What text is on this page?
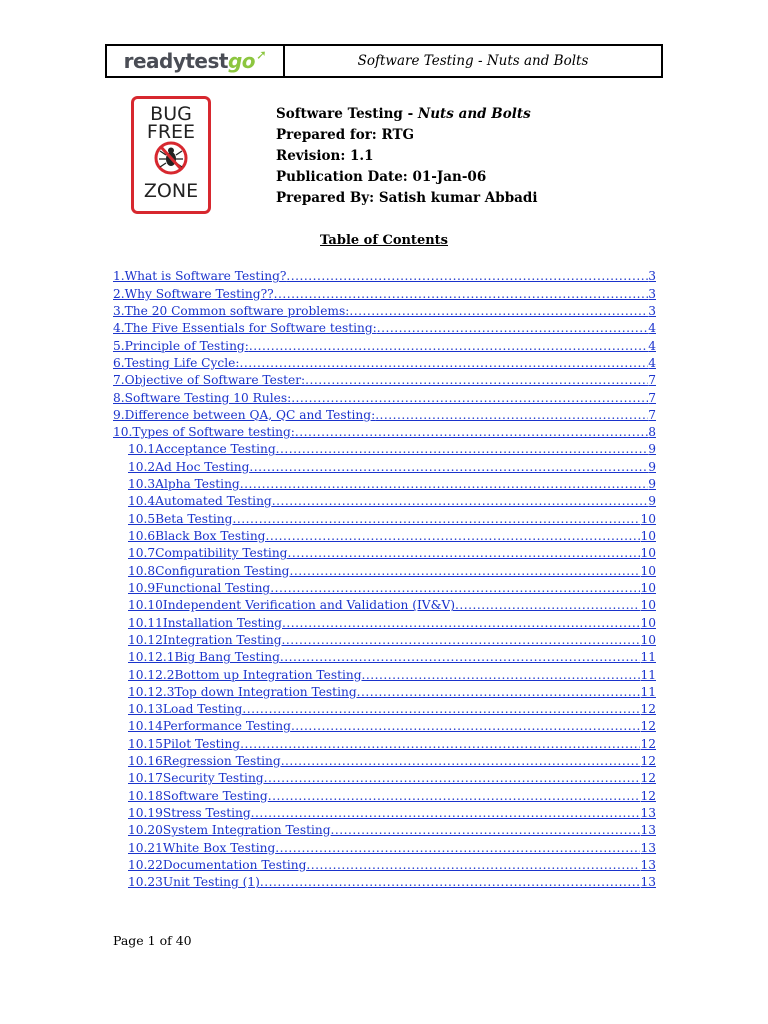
readytest go ➚	Software Testing - Nuts and Bolts
BUG
FREE
ZONE
Software Testing - Nuts and Bolts
Prepared for: RTG
Revision: 1.1
Publication Date: 01-Jan-06
Prepared By: Satish kumar Abbadi
Table of Contents
1.What is Software Testing? .....	3
2.Why Software Testing?? .....	3
3.The 20 Common software problems: .....	3
4.The Five Essentials for Software testing: .....	4
5.Principle of Testing: .....	4
6.Testing Life Cycle: .....	4
7.Objective of Software Tester: .....	7
8.Software Testing 10 Rules: .....	7
9.Difference between QA, QC and Testing: .....	7
10.Types of Software testing: .....	8
10.1Acceptance Testing .....	9
10.2Ad Hoc Testing .....	9
10.3Alpha Testing .....	9
10.4Automated Testing .....	9
10.5Beta Testing .....	10
10.6Black Box Testing .....	10
10.7Compatibility Testing .....	10
10.8Configuration Testing .....	10
10.9Functional Testing .....	10
10.10Independent Verification and Validation (IV&V) .....	10
10.11Installation Testing .....	10
10.12Integration Testing .....	10
10.12.1Big Bang Testing .....	11
10.12.2Bottom up Integration Testing .....	11
10.12.3Top down Integration Testing .....	11
10.13Load Testing .....	12
10.14Performance Testing .....	12
10.15Pilot Testing .....	12
10.16Regression Testing .....	12
10.17Security Testing .....	12
10.18Software Testing .....	12
10.19Stress Testing .....	13
10.20System Integration Testing .....	13
10.21White Box Testing .....	13
10.22Documentation Testing .....	13
10.23Unit Testing (1) .....	13
Page 1 of 40
